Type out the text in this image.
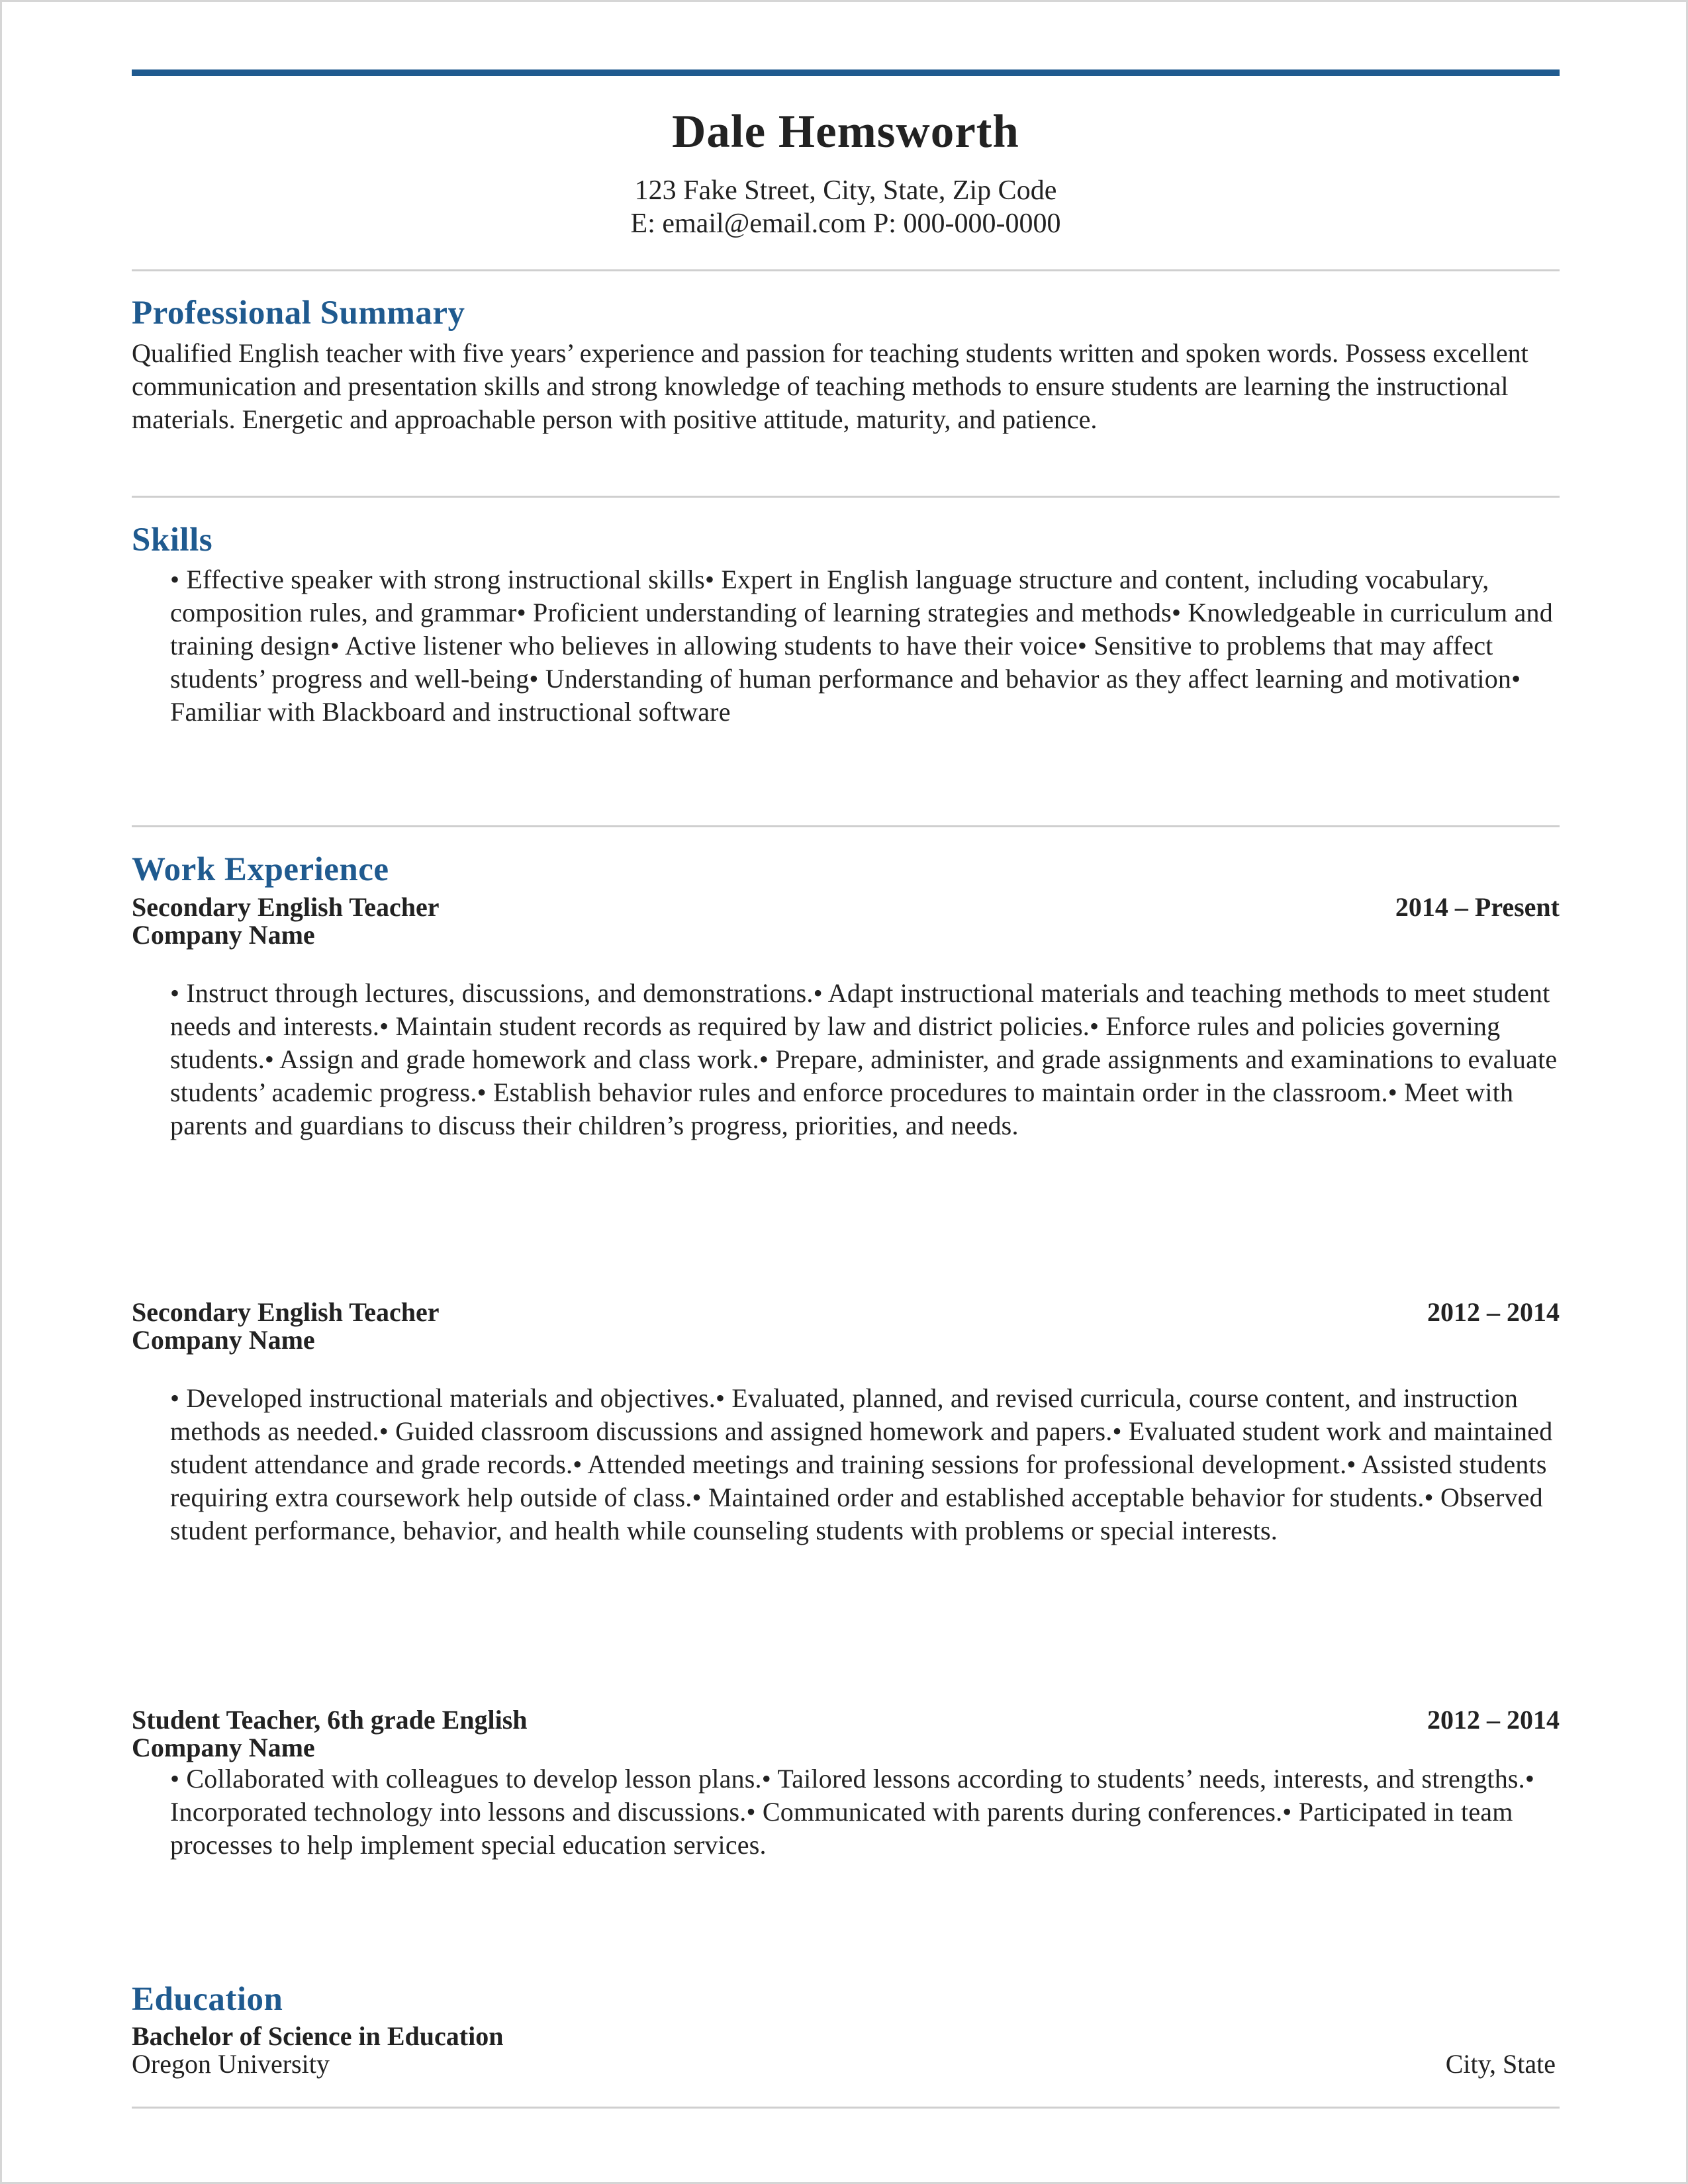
Dale Hemsworth
123 Fake Street, City, State, Zip Code
E: email@email.com P: 000-000-0000
Professional Summary
Qualified English teacher with five years’ experience and passion for teaching students written and spoken words. Possess excellent communication and presentation skills and strong knowledge of teaching methods to ensure students are learning the instructional materials. Energetic and approachable person with positive attitude, maturity, and patience.
Skills
• Effective speaker with strong instructional skills• Expert in English language structure and content, including vocabulary, composition rules, and grammar• Proficient understanding of learning strategies and methods• Knowledgeable in curriculum and training design• Active listener who believes in allowing students to have their voice• Sensitive to problems that may affect students’ progress and well-being• Understanding of human performance and behavior as they affect learning and motivation• Familiar with Blackboard and instructional software
Work Experience
Secondary English Teacher	2014 – Present
Company Name
• Instruct through lectures, discussions, and demonstrations.• Adapt instructional materials and teaching methods to meet student needs and interests.• Maintain student records as required by law and district policies.• Enforce rules and policies governing students.• Assign and grade homework and class work.• Prepare, administer, and grade assignments and examinations to evaluate students’ academic progress.• Establish behavior rules and enforce procedures to maintain order in the classroom.• Meet with parents and guardians to discuss their children’s progress, priorities, and needs.
Secondary English Teacher	2012 – 2014
Company Name
• Developed instructional materials and objectives.• Evaluated, planned, and revised curricula, course content, and instruction methods as needed.• Guided classroom discussions and assigned homework and papers.• Evaluated student work and maintained student attendance and grade records.• Attended meetings and training sessions for professional development.• Assisted students requiring extra coursework help outside of class.• Maintained order and established acceptable behavior for students.• Observed student performance, behavior, and health while counseling students with problems or special interests.
Student Teacher, 6th grade English	2012 – 2014
Company Name
• Collaborated with colleagues to develop lesson plans.• Tailored lessons according to students’ needs, interests, and strengths.• Incorporated technology into lessons and discussions.• Communicated with parents during conferences.• Participated in team processes to help implement special education services.
Education
Bachelor of Science in Education
Oregon University	City, State
